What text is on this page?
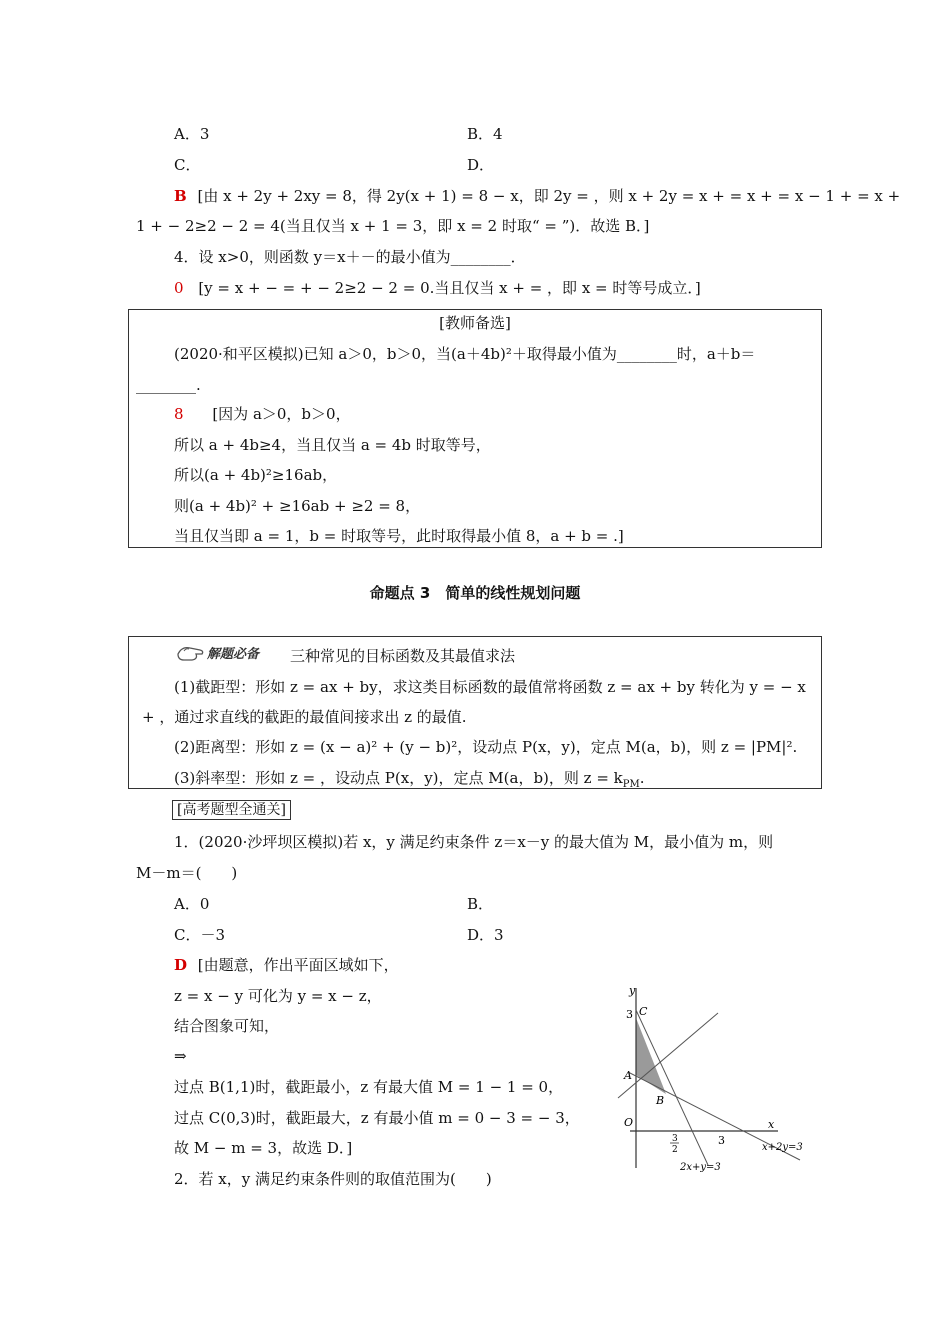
A．3	B．4
C．	D．
B [由 x + 2y + 2xy = 8，得 2y(x + 1) = 8 − x，即 2y = ，则 x + 2y = x + = x + = x − 1 + = x +
1 + − 2≥2 − 2 = 4(当且仅当 x + 1 = 3，即 x = 2 时取“ = ”)．故选 B．]
4．设 x>0，则函数 y＝x＋－的最小值为________．
0 [y = x + − = + − 2≥2 − 2 = 0.当且仅当 x + = ，即 x = 时等号成立．]
[教师备选]
(2020·和平区模拟)已知 a＞0，b＞0，当(a＋4b)²＋取得最小值为________时，a＋b＝
________.
8 [因为 a＞0，b＞0，
所以 a + 4b≥4，当且仅当 a = 4b 时取等号，
所以(a + 4b)²≥16ab，
则(a + 4b)² + ≥16ab + ≥2 = 8，
当且仅当即 a = 1，b = 时取等号，此时取得最小值 8，a + b = .]
命题点 3　简单的线性规划问题
解题必备 三种常见的目标函数及其最值求法
(1)截距型：形如 z = ax + by，求这类目标函数的最值常将函数 z = ax + by 转化为 y = − x
+ ，通过求直线的截距的最值间接求出 z 的最值.
(2)距离型：形如 z = (x − a)² + (y − b)²，设动点 P(x，y)，定点 M(a，b)，则 z = |PM|².
(3)斜率型：形如 z = ，设动点 P(x，y)，定点 M(a，b)，则 $z = k_{PM}$.
[高考题型全通关]
1．(2020·沙坪坝区模拟)若 x，y 满足约束条件 z＝x－y 的最大值为 M，最小值为 m，则
M－m＝(　　)
A．0	B．
C．－3	D．3
D [由题意，作出平面区域如下，
z = x − y 可化为 y = x − z，
结合图象可知，
⇒
过点 B(1,1)时，截距最小，z 有最大值 M = 1 − 1 = 0，
过点 C(0,3)时，截距最大，z 有最小值 m = 0 − 3 = − 3，
故 M − m = 3，故选 D．]
2．若 x，y 满足约束条件则的取值范围为(　　)
y
x
O
A
B
C
3
3
3
2	x+2y=3
2x+y=3
